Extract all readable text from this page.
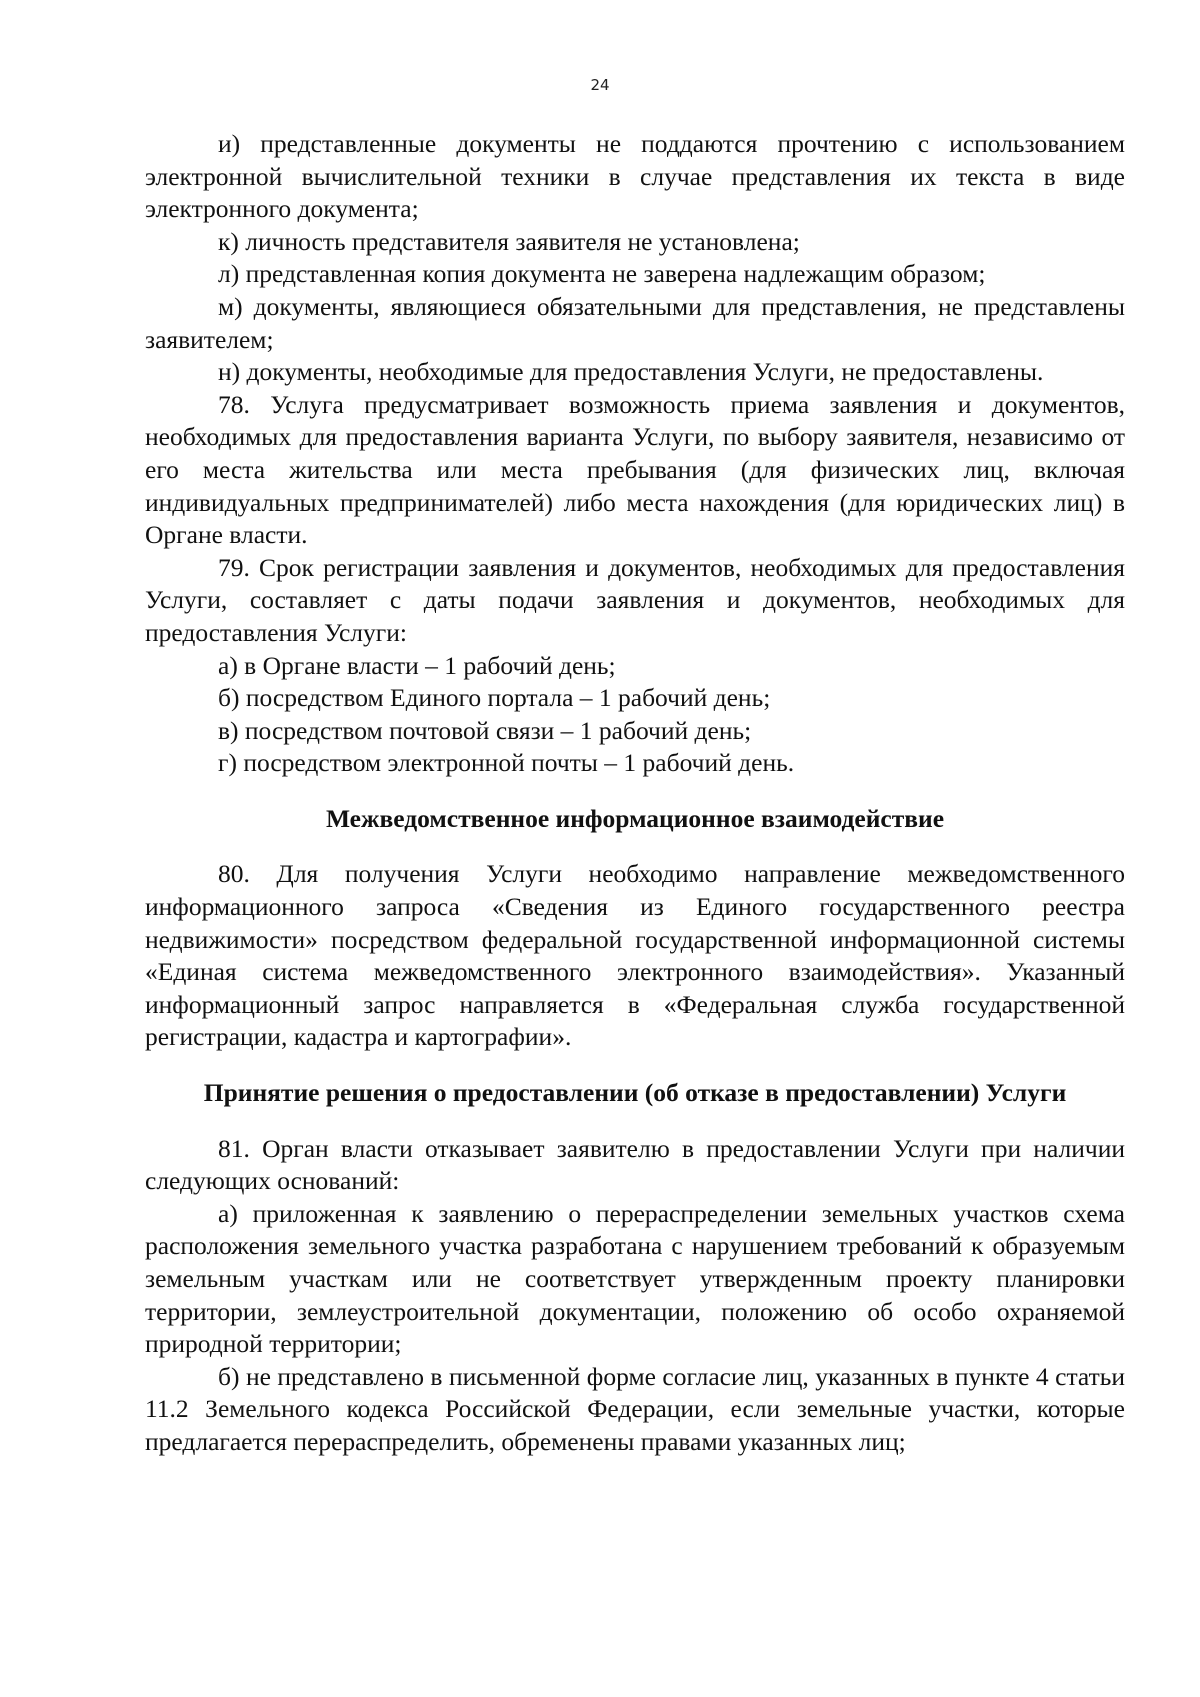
24

и) представленные документы не поддаются прочтению с использованием электронной вычислительной техники в случае представления их текста в виде электронного документа;

к) личность представителя заявителя не установлена;

л) представленная копия документа не заверена надлежащим образом;

м) документы, являющиеся обязательными для представления, не представлены заявителем;

н) документы, необходимые для предоставления Услуги, не предоставлены.

78. Услуга предусматривает возможность приема заявления и документов, необходимых для предоставления варианта Услуги, по выбору заявителя, независимо от его места жительства или места пребывания (для физических лиц, включая индивидуальных предпринимателей) либо места нахождения (для юридических лиц) в Органе власти.

79. Срок регистрации заявления и документов, необходимых для предоставления Услуги, составляет с даты подачи заявления и документов, необходимых для предоставления Услуги:

а) в Органе власти – 1 рабочий день;

б) посредством Единого портала – 1 рабочий день;

в) посредством почтовой связи – 1 рабочий день;

г) посредством электронной почты – 1 рабочий день.

Межведомственное информационное взаимодействие

80. Для получения Услуги необходимо направление межведомственного информационного запроса «Сведения из Единого государственного реестра недвижимости» посредством федеральной государственной информационной системы «Единая система межведомственного электронного взаимодействия». Указанный информационный запрос направляется в «Федеральная служба государственной регистрации, кадастра и картографии».

Принятие решения о предоставлении (об отказе в предоставлении) Услуги

81. Орган власти отказывает заявителю в предоставлении Услуги при наличии следующих оснований:

а) приложенная к заявлению о перераспределении земельных участков схема расположения земельного участка разработана с нарушением требований к образуемым земельным участкам или не соответствует утвержденным проекту планировки территории, землеустроительной документации, положению об особо охраняемой природной территории;

б) не представлено в письменной форме согласие лиц, указанных в пункте 4 статьи 11.2 Земельного кодекса Российской Федерации, если земельные участки, которые предлагается перераспределить, обременены правами указанных лиц;
